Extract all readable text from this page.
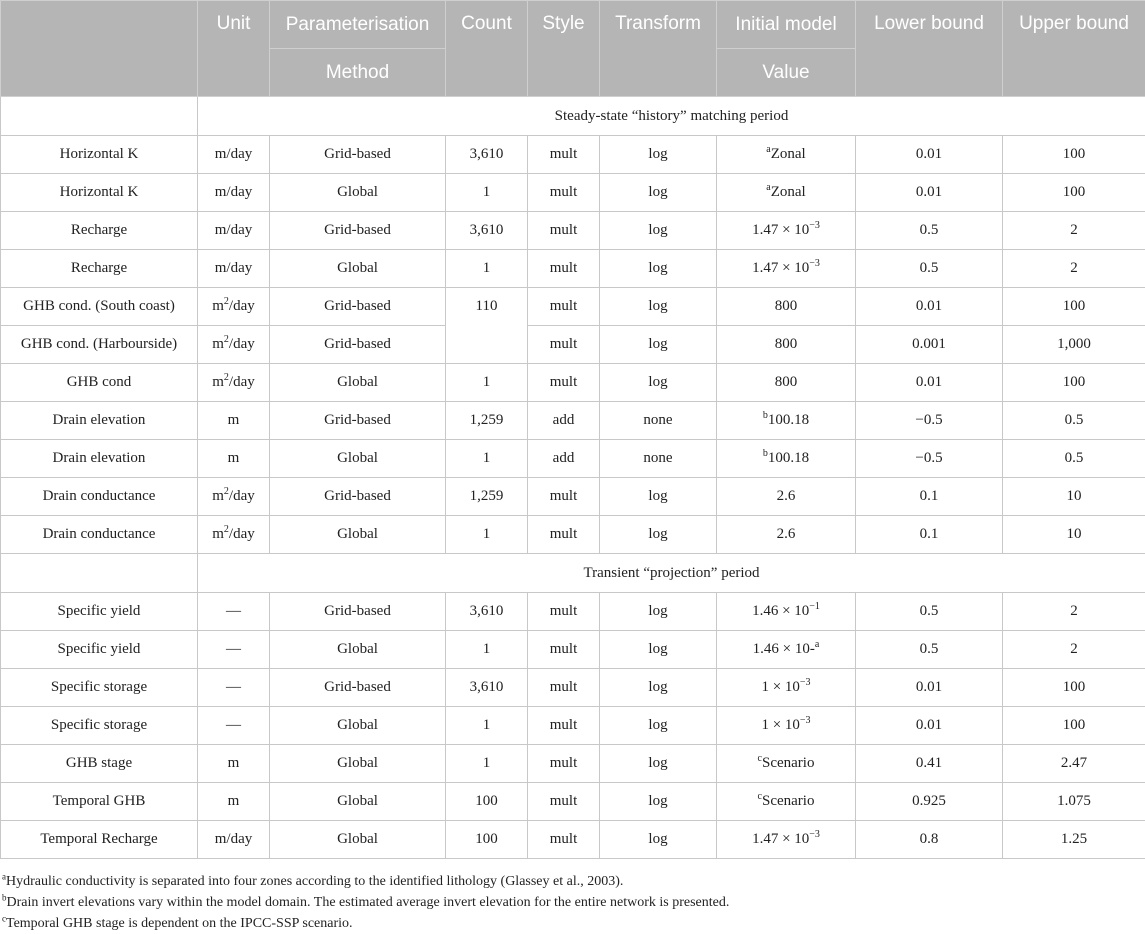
	Unit	Parameterisation	Count	Style	Transform	Initial model	Lower bound	Upper bound
		Method				Value		
	Steady-state “history” matching period							
Horizontal K	m/day	Grid-based	3,610	mult	log	$^a$Zonal	0.01	100
Horizontal K	m/day	Global	1	mult	log	$^a$Zonal	0.01	100
Recharge	m/day	Grid-based	3,610	mult	log	$1.47 \times 10^{-3}$	0.5	2
Recharge	m/day	Global	1	mult	log	$1.47 \times 10^{-3}$	0.5	2
GHB cond. (South coast)	$m^2$/day	Grid-based	110	mult	log	800	0.01	100
GHB cond. (Harbourside)	$m^2$/day	Grid-based		mult	log	800	0.001	1,000
GHB cond	$m^2$/day	Global	1	mult	log	800	0.01	100
Drain elevation	m	Grid-based	1,259	add	none	$^b$100.18	−0.5	0.5
Drain elevation	m	Global	1	add	none	$^b$100.18	−0.5	0.5
Drain conductance	$m^2$/day	Grid-based	1,259	mult	log	2.6	0.1	10
Drain conductance	$m^2$/day	Global	1	mult	log	2.6	0.1	10
	Transient “projection” period							
Specific yield	—	Grid-based	3,610	mult	log	$1.46 \times 10^{-1}$	0.5	2
Specific yield	—	Global	1	mult	log	1.46 × 10-$^a$	0.5	2
Specific storage	—	Grid-based	3,610	mult	log	$1 \times 10^{-3}$	0.01	100
Specific storage	—	Global	1	mult	log	$1 \times 10^{-3}$	0.01	100
GHB stage	m	Global	1	mult	log	$^c$Scenario	0.41	2.47
Temporal GHB	m	Global	100	mult	log	$^c$Scenario	0.925	1.075
Temporal Recharge	m/day	Global	100	mult	log	$1.47 \times 10^{-3}$	0.8	1.25

$^a$Hydraulic conductivity is separated into four zones according to the identified lithology (Glassey et al., 2003).

$^b$Drain invert elevations vary within the model domain. The estimated average invert elevation for the entire network is presented.

$^c$Temporal GHB stage is dependent on the IPCC-SSP scenario.
